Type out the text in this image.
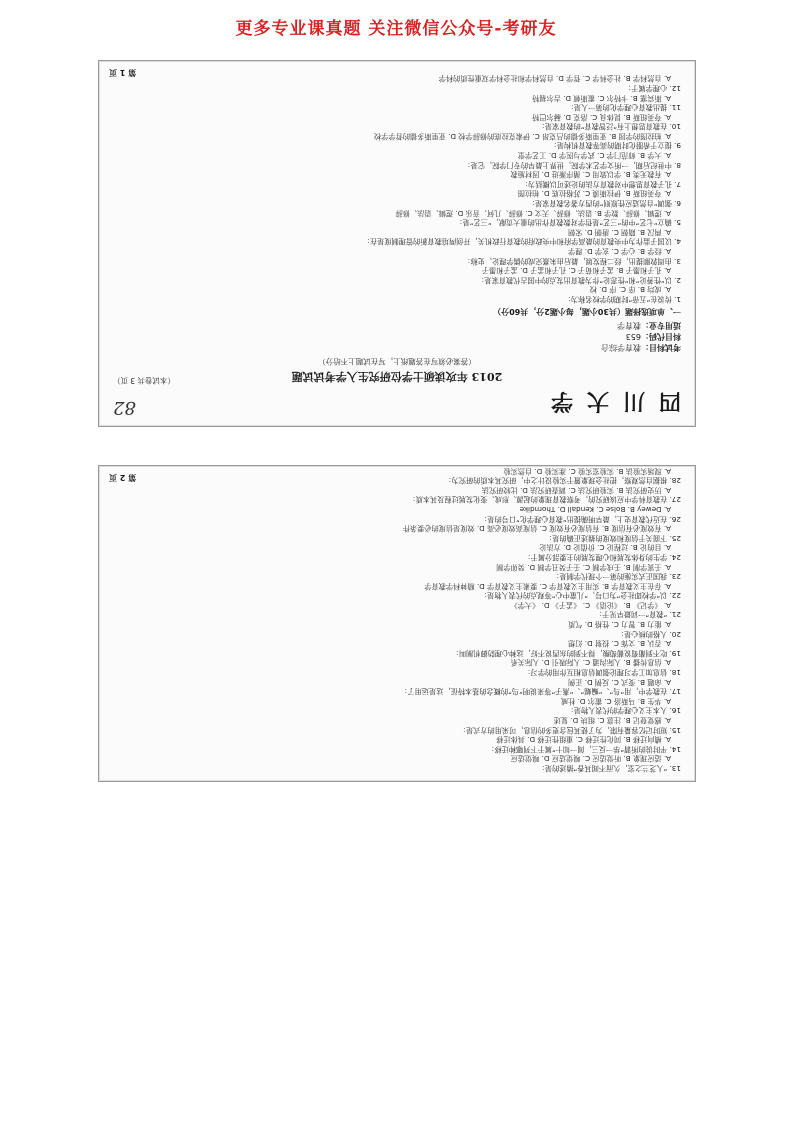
更多专业课真题 关注微信公众号-考研友
四川大学
82
2013 年攻读硕士学位研究生入学考试试题
（答案必须写在答题纸上，写在试题上不给分）
考试科目：教育学综合
科目代码：653
适用专业：教育学
一、单项选择题（共30小题，每小题2分，共60分）
1. 传说在“五帝”时期的学校名称为：
A. 成均 B. 庠 C. 序 D. 校
2. 以“性善论”和“性恶论”作为教育出发点的中国古代教育家是：
A. 孔子和墨子 B. 孟子和荀子 C. 孔子和孟子 D. 孟子和墨子
3. 由周敦颐提出，经二程发展，最后由朱熹完成的儒学理论，史称：
A. 经学 B. 心学 C. 玄学 D. 理学
4. 议国子监作为中央教育的最高学府和中央政府的教育行政机关，开创两培教育新的管理制度是在：
A. 两汉 B. 隋朝 C. 唐朝 D. 宋朝
5. 确立“七艺”中的“三艺”是哲学对数教育作出的重大贡献，“三艺”是：
A. 逻辑、修辞、数学 B. 语法、修辞、天文 C. 修辞、几何、音乐 D. 逻辑、语法、修辞
6. 强调“自然适应性原则”的西方著名教育家是：
A. 夸美纽斯 B. 伊拉斯谟 C. 苏格拉底 D. 柏拉图
7. 孔子教育思想中对教育方法的论述可以概括为：
A. 有教无类 B. 学以致用 C. 循序渐进 D. 因材施教
8. 中世纪后期，一所文学艺术学院，世界上最早的专门学院，它是：
A. 大学 B. 师范门学 C. 武学与医学 D. 工艺学堂
9. 提立于希腊化时期的高等教育机构是：
A. 柏拉图的学园 B. 亚里斯多德的吕克昂 C. 伊索克拉底的修辞学校 D. 亚里斯多德的哲学学校
10. 在教育思想上有“泛智教育”的教育家是：
A. 夸美纽斯 B. 昆体良 C. 洛克 D. 赫尔巴特
11. 提出教育心理学化的第一人是：
A. 斯宾塞 B. 卡特尔 C. 霍斯顿 D. 吉尔福特
12. 心理学属于：
A. 自然科学 B. 社会科学 C. 哲学 D. 自然科学和社会科学双重性质的科学
（本试卷共 3 页）
第 1 页
13. “人芝兰之室，久而不闻其香”描述的是：
A. 适应现象 B. 听觉适应 C. 嗅觉适应 D. 嗅觉适应
14. 平时说的所谓“举一反三，闻一知十”属于下列哪种迁移：
A. 横向迁移 B. 同化性迁移 C. 重组性迁移 D. 具体迁移
15. 短时记忆容量有限，为了使其包含更多的信息，可采用的方式是：
A. 感觉登记 B. 注意 C. 组块 D. 复述
16. 人本主义心理学的代表人物是：
A. 华生 B. 马斯洛 C. 霍尔 D. 杜威
17. 在教学中，用“鸟”、“蝙蝠”、“燕子”等来说明“鸟”的概念的基本特征，这是运用了：
A. 命题 B. 变式 C. 反例 D. 正例
18. 信息加工学习理论强调信息相互作用的学习：
A. 信息传播 B. 人际沟通 C. 人际吸引 D. 人际关系
19. 吃不到葡萄说葡萄酸，得不到的东西说不好，这种心理防御机制叫：
A. 否认 B. 文饰 C. 投射 D. 幻想
20. 人格的核心是：
A. 能力 B. 智力 C. 性格 D. 气质
21. “教育”一词最早见于：
A. 《学记》 B. 《论语》 C. 《孟子》 D. 《大学》
22. 以“学校即社会”为口号，“儿童中心”等观点的代表人物是：
A. 存在主义教育学 B. 实用主义教育学 C. 要素主义教育学 D. 精神科学教育学
23. 我国正式实施的第一个现代学制是：
A. 壬寅学制 B. 壬戌学制 C. 壬子癸丑学制 D. 癸卯学制
24. 学生的身体发展和心理发展的主要部分属于：
A. 目的论 B. 过程论 C. 价值论 D. 方法论
25. 下面关于信度和效度的描述正确的是：
A. 有效度必有信度 B. 有信度必有效度 C. 信度高效度必高 D. 效度是信度的必要条件
26. 在近代教育史上，最早明确提出“教育心理学化”口号的是：
A. Dewey B. Bolse C. Kendall D. Thorndike
27. 在教育科学中应该研究的，考察教育现象的起源、形成、变化发展过程及其本质：
A. 历史研究法 B. 实验研究法 C. 调查研究法 D. 比较研究法
28. 根据自然观察，把社会现象置于实验设计之中，研究其本质的研究为：
A. 现场实验法 B. 实验室实验 C. 准实验 D. 自然实验
第 2 页
